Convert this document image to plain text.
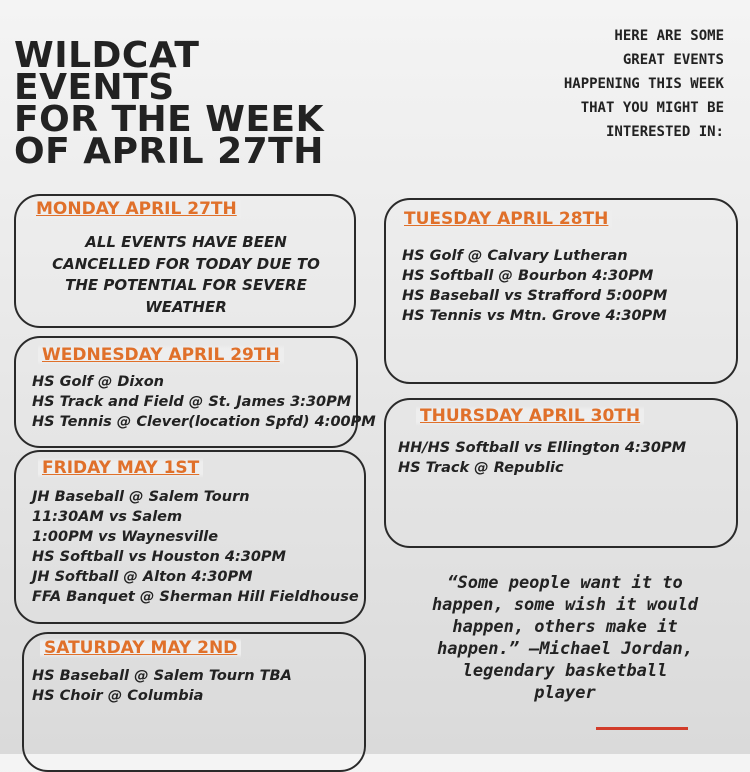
WILDCAT
EVENTS
FOR THE WEEK
OF APRIL 27TH
HERE ARE SOME
GREAT EVENTS
HAPPENING THIS WEEK
THAT YOU MIGHT BE
INTERESTED IN:
MONDAY APRIL 27TH
ALL EVENTS HAVE BEEN
CANCELLED FOR TODAY DUE TO
THE POTENTIAL FOR SEVERE
WEATHER
TUESDAY APRIL 28TH
HS Golf @ Calvary Lutheran
HS Softball @ Bourbon 4:30PM
HS Baseball vs Strafford 5:00PM
HS Tennis vs Mtn. Grove 4:30PM
WEDNESDAY APRIL 29TH
HS Golf @ Dixon
HS Track and Field @ St. James 3:30PM
HS Tennis @ Clever(location Spfd) 4:00PM	THURSDAY APRIL 30TH
HH/HS Softball vs Ellington 4:30PM
HS Track @ Republic
FRIDAY MAY 1ST
JH Baseball @ Salem Tourn
11:30AM vs Salem
1:00PM vs Waynesville
HS Softball vs Houston 4:30PM
JH Softball @ Alton 4:30PM
FFA Banquet @ Sherman Hill Fieldhouse
SATURDAY MAY 2ND
HS Baseball @ Salem Tourn TBA
HS Choir @ Columbia
“Some people want it to
happen, some wish it would
happen, others make it
happen.” —Michael Jordan,
legendary basketball
player
